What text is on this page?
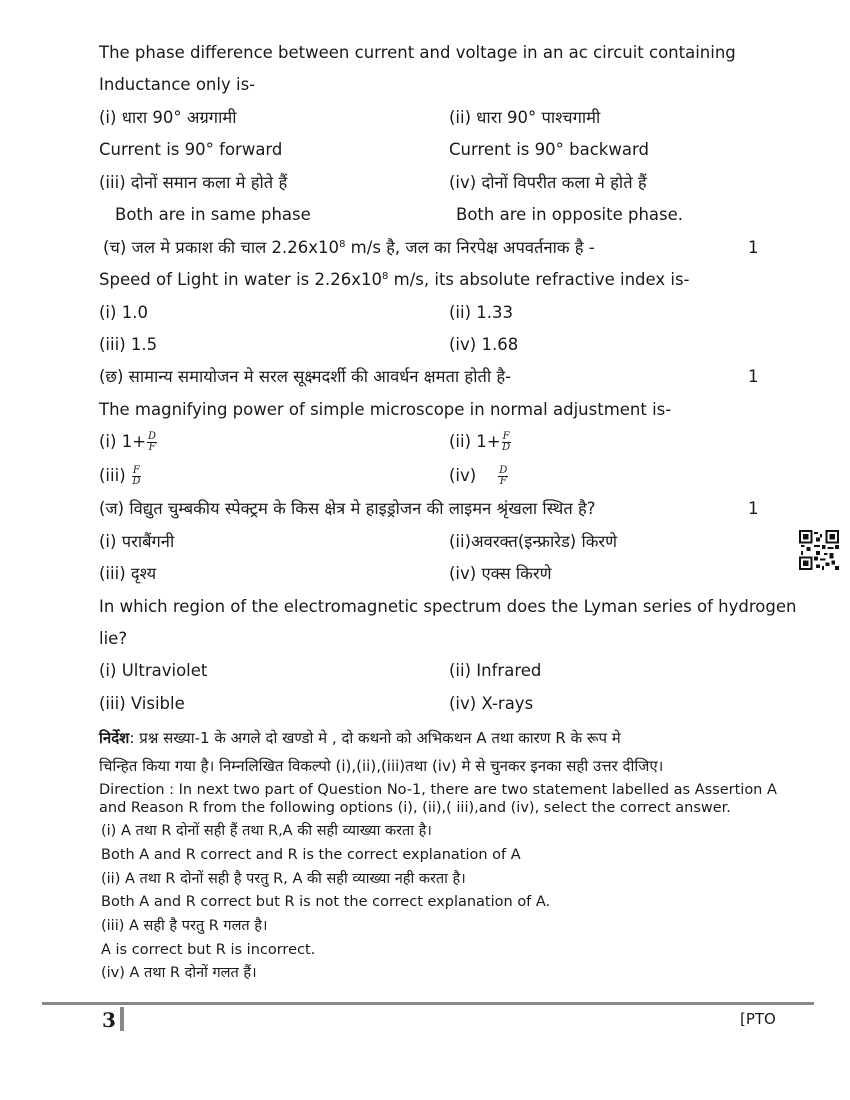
The phase difference between current and voltage in an ac circuit containing
Inductance only is-
(i) धारा 90° अग्रगामी	(ii) धारा 90° पाश्चगामी
Current is 90° forward	Current is 90° backward
(iii) दोनों समान कला मे होते हैं	(iv) दोनों विपरीत कला मे होते हैं
Both are in same phase	Both are in opposite phase.
(च) जल मे प्रकाश की चाल $2.26x10^8$ m/s है, जल का निरपेक्ष अपवर्तनाक है -	1
Speed of Light in water is $2.26x10^8$ m/s, its absolute refractive index is-
(i) 1.0	(ii) 1.33
(iii) 1.5	(iv) 1.68
(छ) सामान्य समायोजन मे सरल सूक्ष्मदर्शी की आवर्धन क्षमता होती है-	1
The magnifying power of simple microscope in normal adjustment is-
(i) $1+ \frac{D}{F}$	(ii) $1+ \frac{F}{D}$
$(iii) \frac{F}{D}$	$(iv) \frac{D}{F}$
(ज) विद्युत चुम्बकीय स्पेक्ट्रम के किस क्षेत्र मे हाइड्रोजन की लाइमन श्रृंखला स्थित है?	1
(i) पराबैंगनी	(ii)अवरक्त(इन्फ्रारेड) किरणे
(iii) दृश्य	(iv) एक्स किरणे
In which region of the electromagnetic spectrum does the Lyman series of hydrogen
lie?
(i) Ultraviolet	(ii) Infrared
(iii) Visible	(iv) X-rays
निर्देश: प्रश्न सख्या-1 के अगले दो खण्डो मे , दो कथनो को अभिकथन A तथा कारण R के रूप मे
चिन्हित किया गया है। निम्नलिखित विकल्पो (i),(ii),(iii)तथा (iv) मे से चुनकर इनका सही उत्तर दीजिए।
Direction : In next two part of Question No-1, there are two statement labelled as Assertion A
and Reason R from the following options (i), (ii),( iii),and (iv), select the correct answer.
(i) A तथा R दोनों सही हैं तथा R,A की सही व्याख्या करता है।
Both A and R correct and R is the correct explanation of A
(ii) A तथा R दोनों सही है परतु R, A की सही व्याख्या नही करता है।
Both A and R correct but R is not the correct explanation of A.
(iii) A सही है परतु R गलत है।
A is correct but R is incorrect.
(iv) A तथा R दोनों गलत हैं।
3	[PTO
